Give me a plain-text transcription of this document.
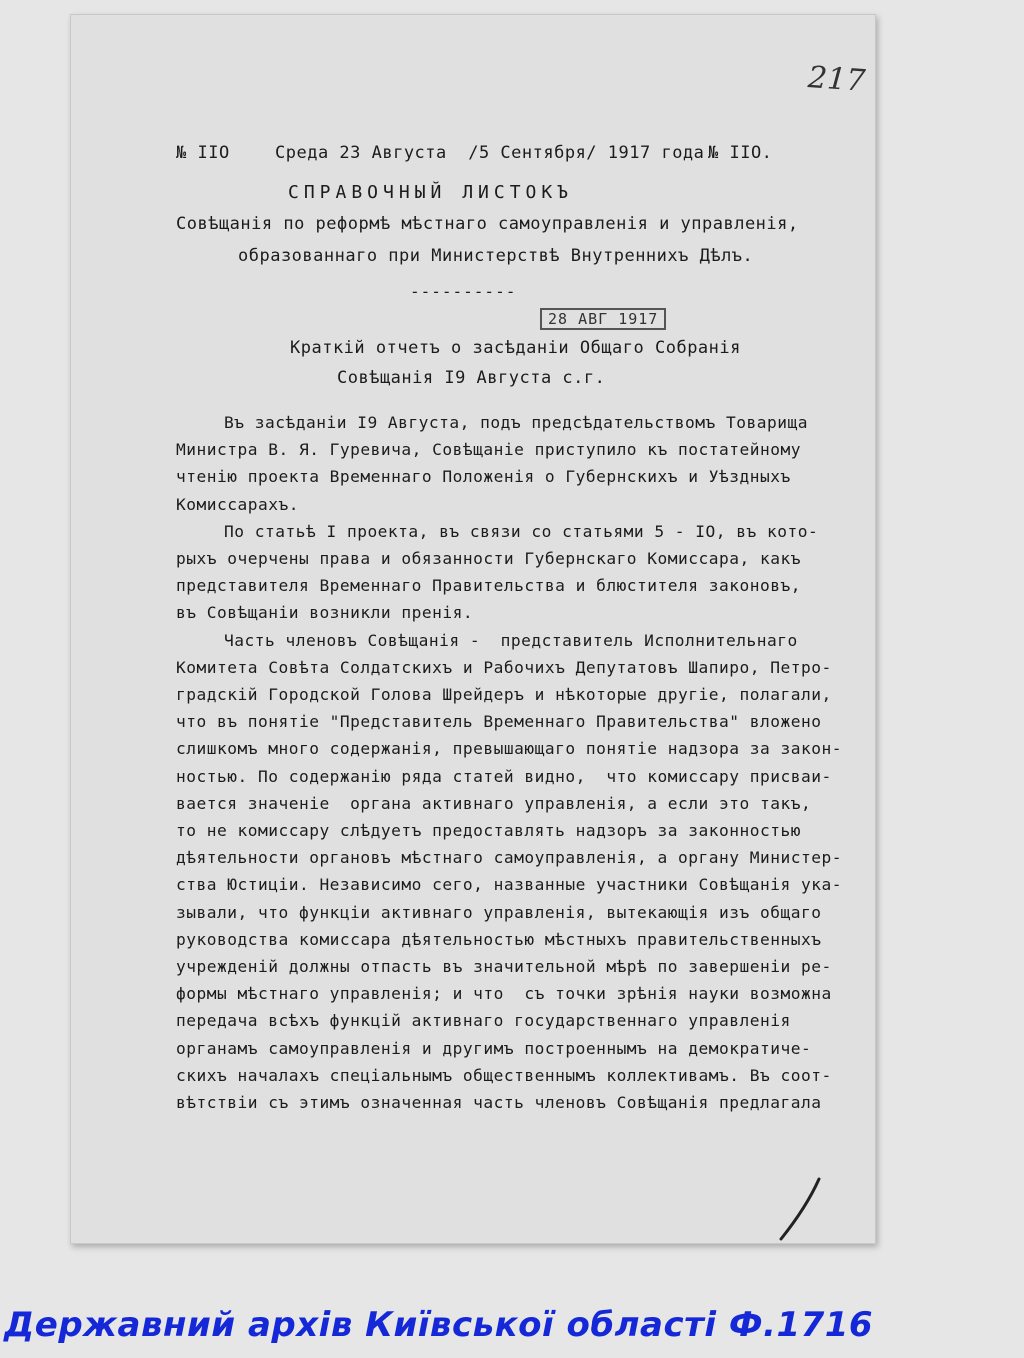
217
№ IIO	Среда 23 Августа  /5 Сентября/ 1917 года № IIO.
СПРАВОЧНЫЙ ЛИСТОКЪ
Совѣщанія по реформѣ мѣстнаго самоуправленія и управленія,
образованнаго при Министерствѣ Внутреннихъ Дѣлъ.
----------
28 АВГ 1917
Краткій отчетъ о засѣданіи Общаго Собранія
Совѣщанія I9 Августа с.г.
Въ засѣданіи I9 Августа, подъ предсѣдательствомъ Товарища
Министра В. Я. Гуревича, Совѣщаніе приступило къ постатейному
чтенію проекта Временнаго Положенія о Губернскихъ и Уѣздныхъ
Комиссарахъ.
По статьѣ I проекта, въ связи со статьями 5 - IO, въ кото-
рыхъ очерчены права и обязанности Губернскаго Комиссара, какъ
представителя Временнаго Правительства и блюстителя законовъ,
въ Совѣщаніи возникли пренія.
Часть членовъ Совѣщанія -  представитель Исполнительнаго
Комитета Совѣта Солдатскихъ и Рабочихъ Депутатовъ Шапиро, Петро-
градскій Городской Голова Шрейдеръ и нѣкоторые другіе, полагали,
что въ понятіе "Представитель Временнаго Правительства" вложено
слишкомъ много содержанія, превышающаго понятіе надзора за закон-
ностью. По содержанію ряда статей видно,  что комиссару присваи-
вается значеніе  органа активнаго управленія, а если это такъ,
то не комиссару слѣдуетъ предоставлять надзоръ за законностью
дѣятельности органовъ мѣстнаго самоуправленія, а органу Министер-
ства Юстиціи. Независимо сего, названные участники Совѣщанія ука-
зывали, что функціи активнаго управленія, вытекающія изъ общаго
руководства комиссара дѣятельностью мѣстныхъ правительственныхъ
учрежденій должны отпасть въ значительной мѣрѣ по завершеніи ре-
формы мѣстнаго управленія; и что  съ точки зрѣнія науки возможна
передача всѣхъ функцій активнаго государственнаго управленія
органамъ самоуправленія и другимъ построеннымъ на демократиче-
скихъ началахъ спеціальнымъ общественнымъ коллективамъ. Въ соот-
вѣтствіи съ этимъ означенная часть членовъ Совѣщанія предлагала
Державний архів Київської області Ф.1716
